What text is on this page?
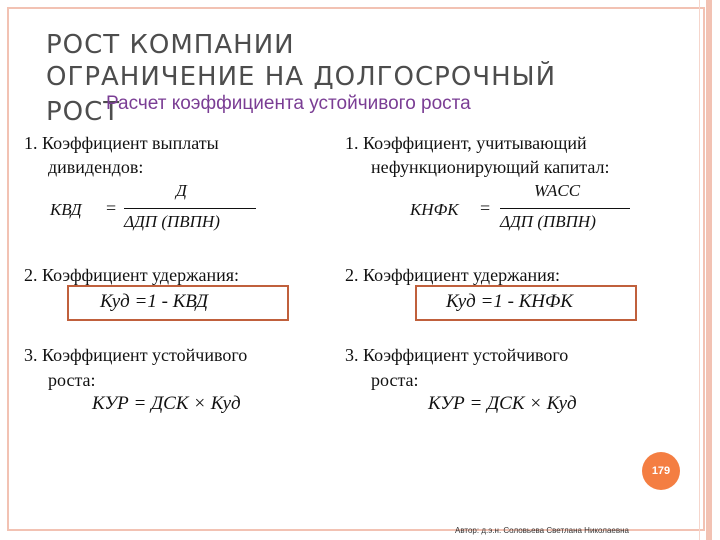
РОСТ КОМПАНИИ
ОГРАНИЧЕНИЕ НА ДОЛГОСРОЧНЫЙ
РОСТ
Расчет коэффициента устойчивого роста
1. Коэффициент выплаты
дивидендов:
КВД =
Д
ΔДП (ПВПН)
2. Коэффициент удержания:
Куд =1 - КВД
3. Коэффициент устойчивого
роста:
КУР = ДСК × Куд
1. Коэффициент, учитывающий
нефункционирующий капитал:
КНФК =
WACC
ΔДП (ПВПН)
2. Коэффициент удержания:
Куд =1 - КНФК
3. Коэффициент устойчивого
роста:
КУР = ДСК × Куд
179
Автор: д.э.н. Соловьева Светлана Николаевна
